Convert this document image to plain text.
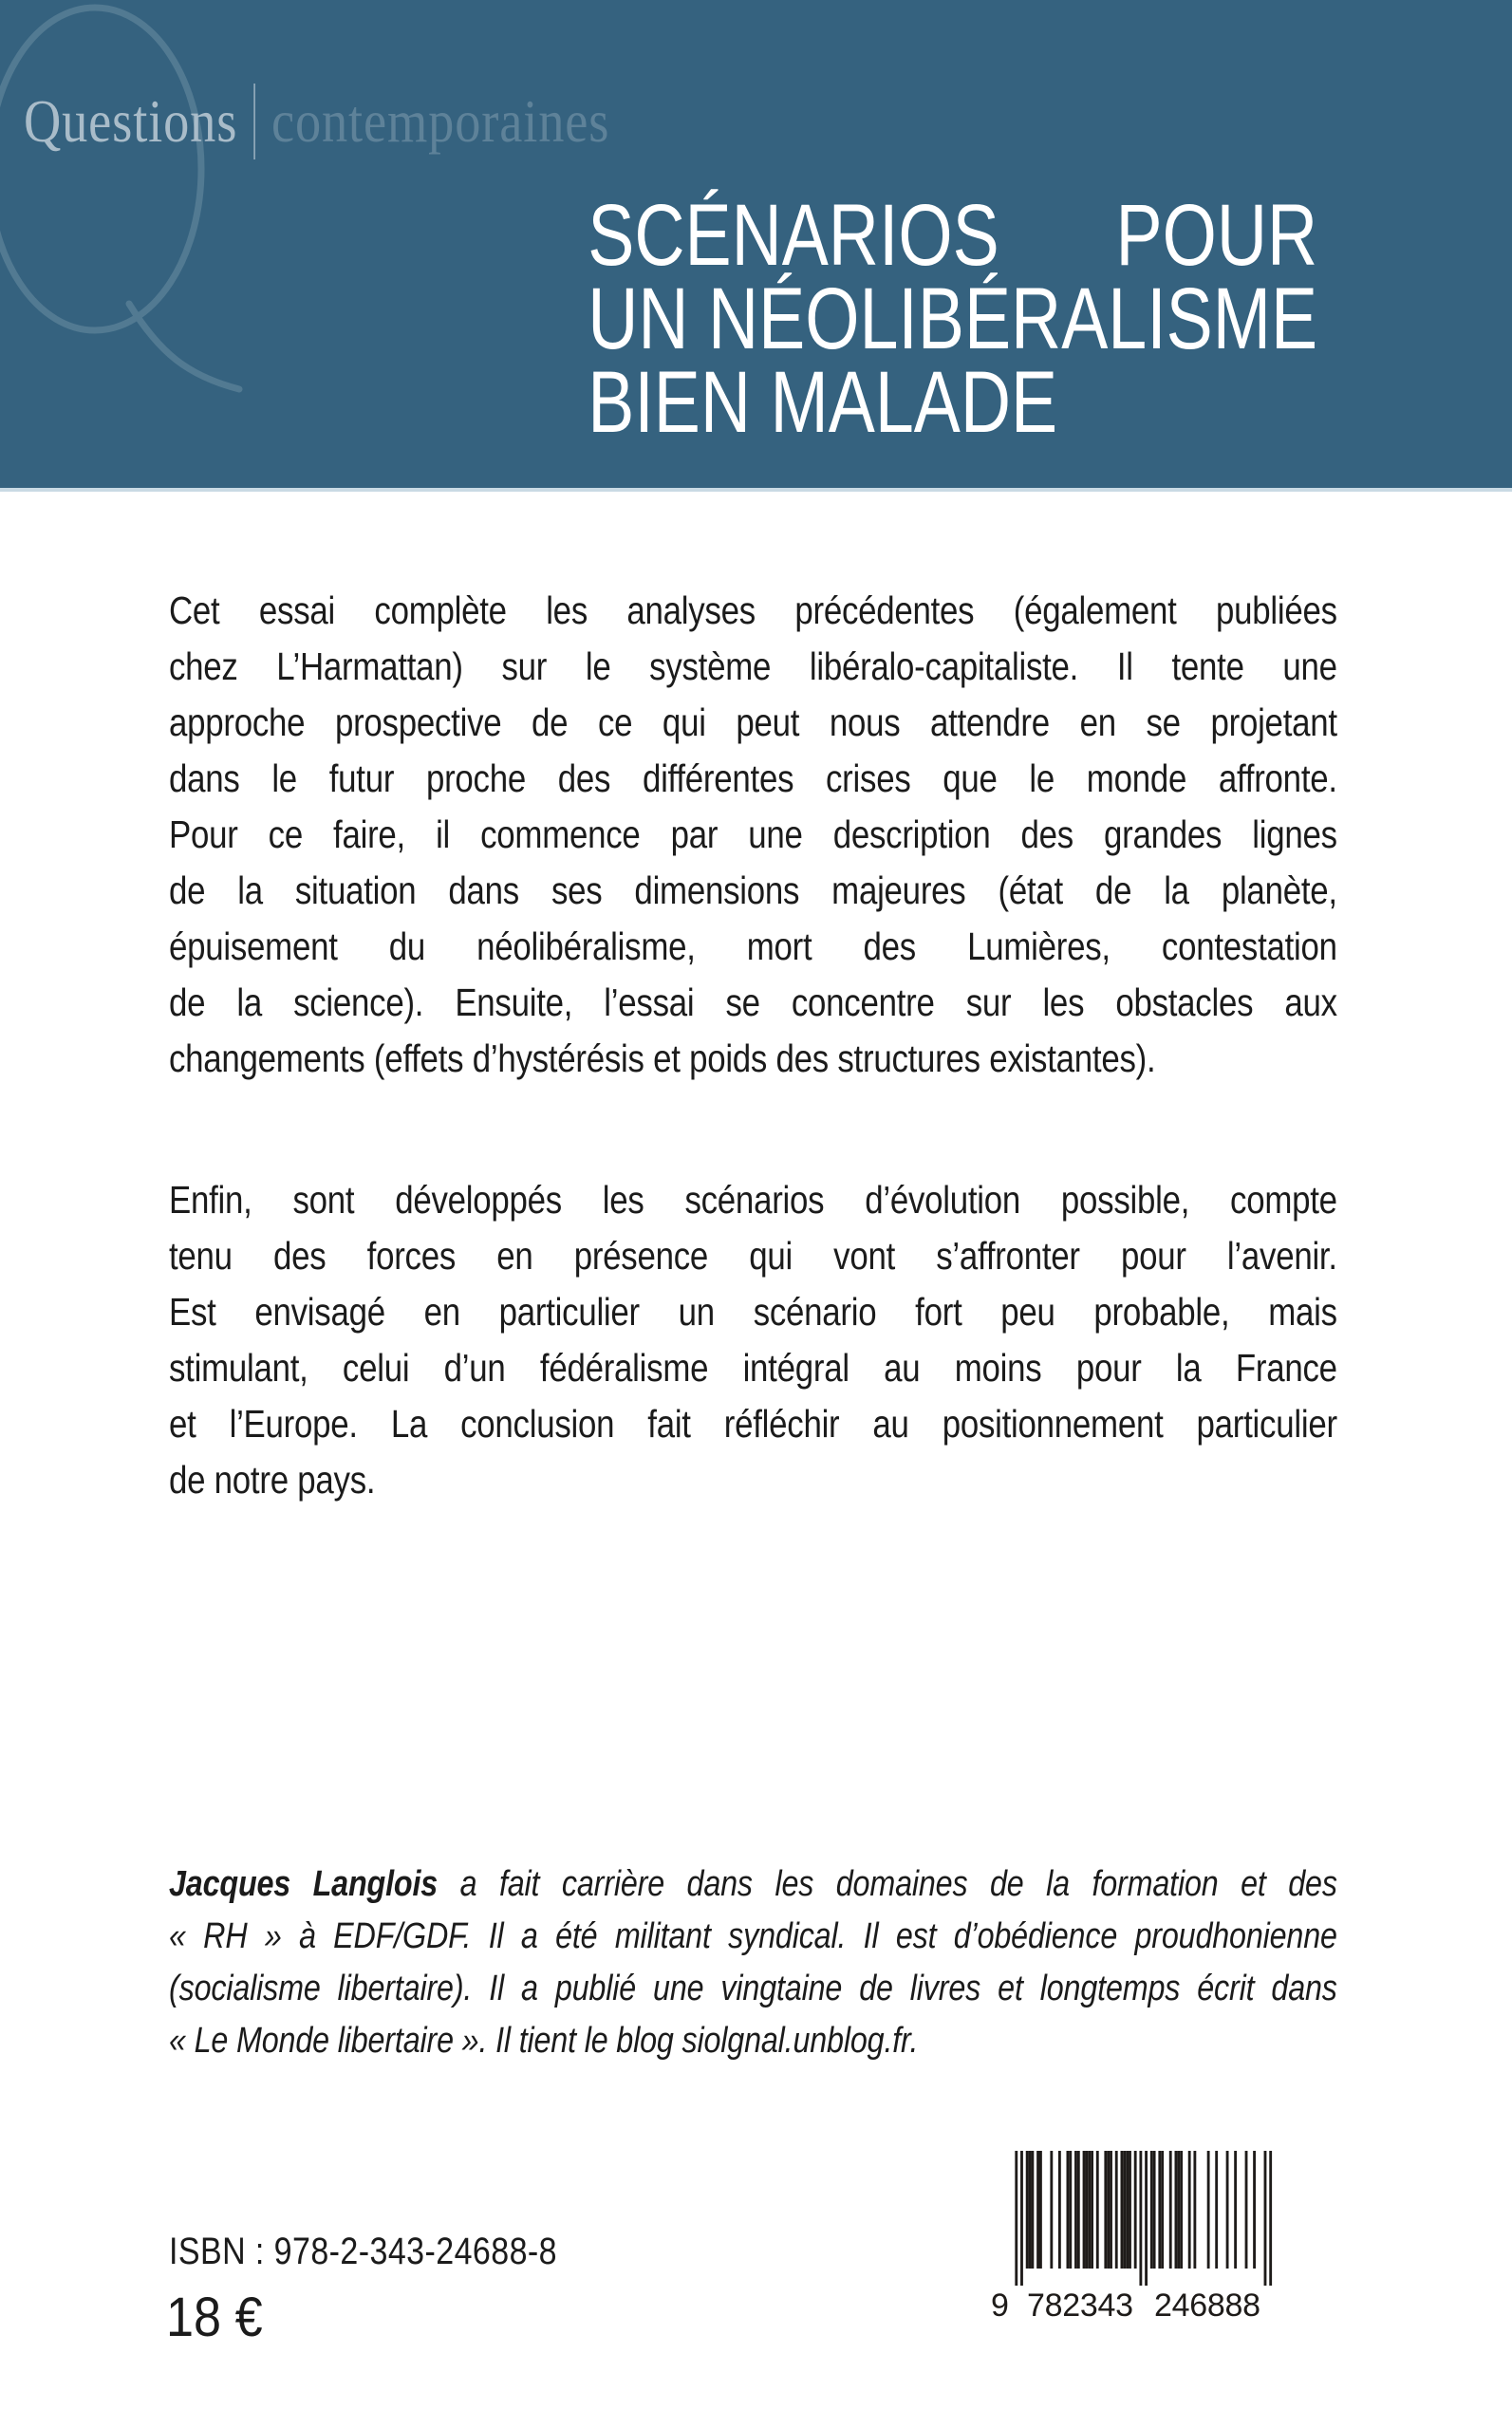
Questions contemporaines
SCÉNARIOS POUR
UN NÉOLIBÉRALISME
BIEN MALADE
Cet essai complète les analyses précédentes (également publiées
chez L’Harmattan) sur le système libéralo-capitaliste. Il tente une
approche prospective de ce qui peut nous attendre en se projetant
dans le futur proche des différentes crises que le monde affronte.
Pour ce faire, il commence par une description des grandes lignes
de la situation dans ses dimensions majeures (état de la planète,
épuisement du néolibéralisme, mort des Lumières, contestation
de la science). Ensuite, l’essai se concentre sur les obstacles aux
changements (effets d’hystérésis et poids des structures existantes).
Enfin, sont développés les scénarios d’évolution possible, compte
tenu des forces en présence qui vont s’affronter pour l’avenir.
Est envisagé en particulier un scénario fort peu probable, mais
stimulant, celui d’un fédéralisme intégral au moins pour la France
et l’Europe. La conclusion fait réfléchir au positionnement particulier
de notre pays.
Jacques Langlois a fait carrière dans les domaines de la formation et des
« RH » à EDF/GDF. Il a été militant syndical. Il est d’obédience proudhonienne
(socialisme libertaire). Il a publié une vingtaine de livres et longtemps écrit dans
« Le Monde libertaire ». Il tient le blog siolgnal.unblog.fr.
ISBN : 978-2-343-24688-8
18 €	9 782343 246888
